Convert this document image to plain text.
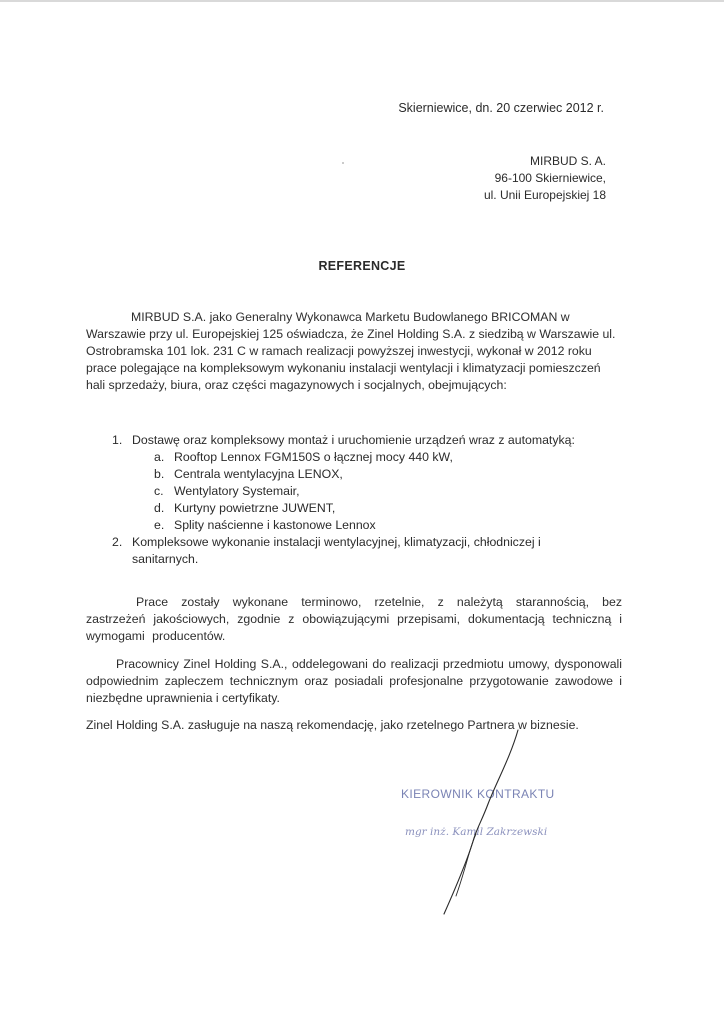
Skierniewice, dn. 20 czerwiec 2012 r.
MIRBUD S. A.
96-100 Skierniewice,
ul. Unii Europejskiej 18
REFERENCJE
MIRBUD S.A. jako Generalny Wykonawca Marketu Budowlanego BRICOMAN w Warszawie przy ul. Europejskiej 125 oświadcza, że Zinel Holding S.A. z siedzibą w Warszawie ul. Ostrobramska 101 lok. 231 C w ramach realizacji powyższej inwestycji, wykonał w 2012 roku prace polegające na kompleksowym wykonaniu instalacji wentylacji i klimatyzacji pomieszczeń hali sprzedaży, biura, oraz części magazynowych i socjalnych, obejmujących:
1. Dostawę oraz kompleksowy montaż i uruchomienie urządzeń wraz z automatyką:
a. Rooftop Lennox FGM150S o łącznej mocy 440 kW,
b. Centrala wentylacyjna LENOX,
c. Wentylatory Systemair,
d. Kurtyny powietrzne JUWENT,
e. Splity naścienne i kastonowe Lennox
2. Kompleksowe wykonanie instalacji wentylacyjnej, klimatyzacji, chłodniczej i
sanitarnych.
Prace zostały wykonane terminowo, rzetelnie, z należytą starannością, bez zastrzeżeń jakościowych, zgodnie z obowiązującymi przepisami, dokumentacją techniczną i wymogami producentów.
Pracownicy Zinel Holding S.A., oddelegowani do realizacji przedmiotu umowy, dysponowali odpowiednim zapleczem technicznym oraz posiadali profesjonalne przygotowanie zawodowe i niezbędne uprawnienia i certyfikaty.
Zinel Holding S.A. zasługuje na naszą rekomendację, jako rzetelnego Partnera w biznesie.
KIEROWNIK KONTRAKTU
mgr inż. Kamil Zakrzewski
